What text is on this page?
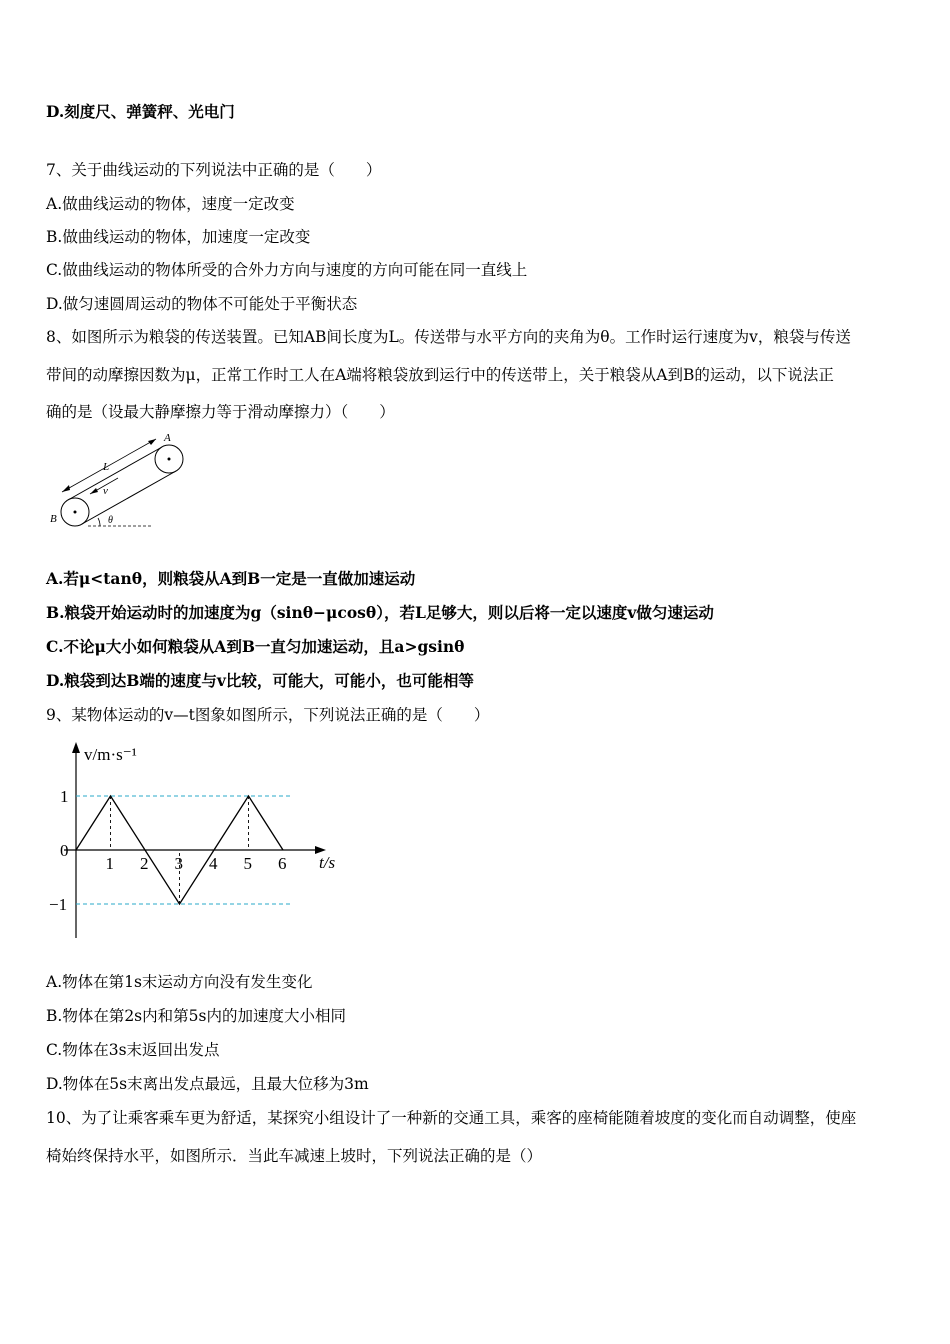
D.刻度尺、弹簧秤、光电门
7、关于曲线运动的下列说法中正确的是（　　）
A.做曲线运动的物体，速度一定改变
B.做曲线运动的物体，加速度一定改变
C.做曲线运动的物体所受的合外力方向与速度的方向可能在同一直线上
D.做匀速圆周运动的物体不可能处于平衡状态
8、如图所示为粮袋的传送装置。已知AB间长度为L。传送带与水平方向的夹角为θ。工作时运行速度为v，粮袋与传送
带间的动摩擦因数为μ，正常工作时工人在A端将粮袋放到运行中的传送带上，关于粮袋从A到B的运动，以下说法正
确的是（设最大静摩擦力等于滑动摩擦力）（　　）
A
B
L
v
θ
A.若μ<tanθ，则粮袋从A到B一定是一直做加速运动
B.粮袋开始运动时的加速度为g（sinθ−μcosθ），若L足够大，则以后将一定以速度v做匀速运动
C.不论μ大小如何粮袋从A到B一直匀加速运动，且a>gsinθ
D.粮袋到达B端的速度与v比较，可能大，可能小，也可能相等
9、某物体运动的v—t图象如图所示，下列说法正确的是（　　）
v/m·s⁻¹
t/s
1 2 3 4 5 6
1
0
−1
A.物体在第1s末运动方向没有发生变化
B.物体在第2s内和第5s内的加速度大小相同
C.物体在3s末返回出发点
D.物体在5s末离出发点最远，且最大位移为3m
10、为了让乘客乘车更为舒适，某探究小组设计了一种新的交通工具，乘客的座椅能随着坡度的变化而自动调整，使座
椅始终保持水平，如图所示．当此车减速上坡时，下列说法正确的是（）
